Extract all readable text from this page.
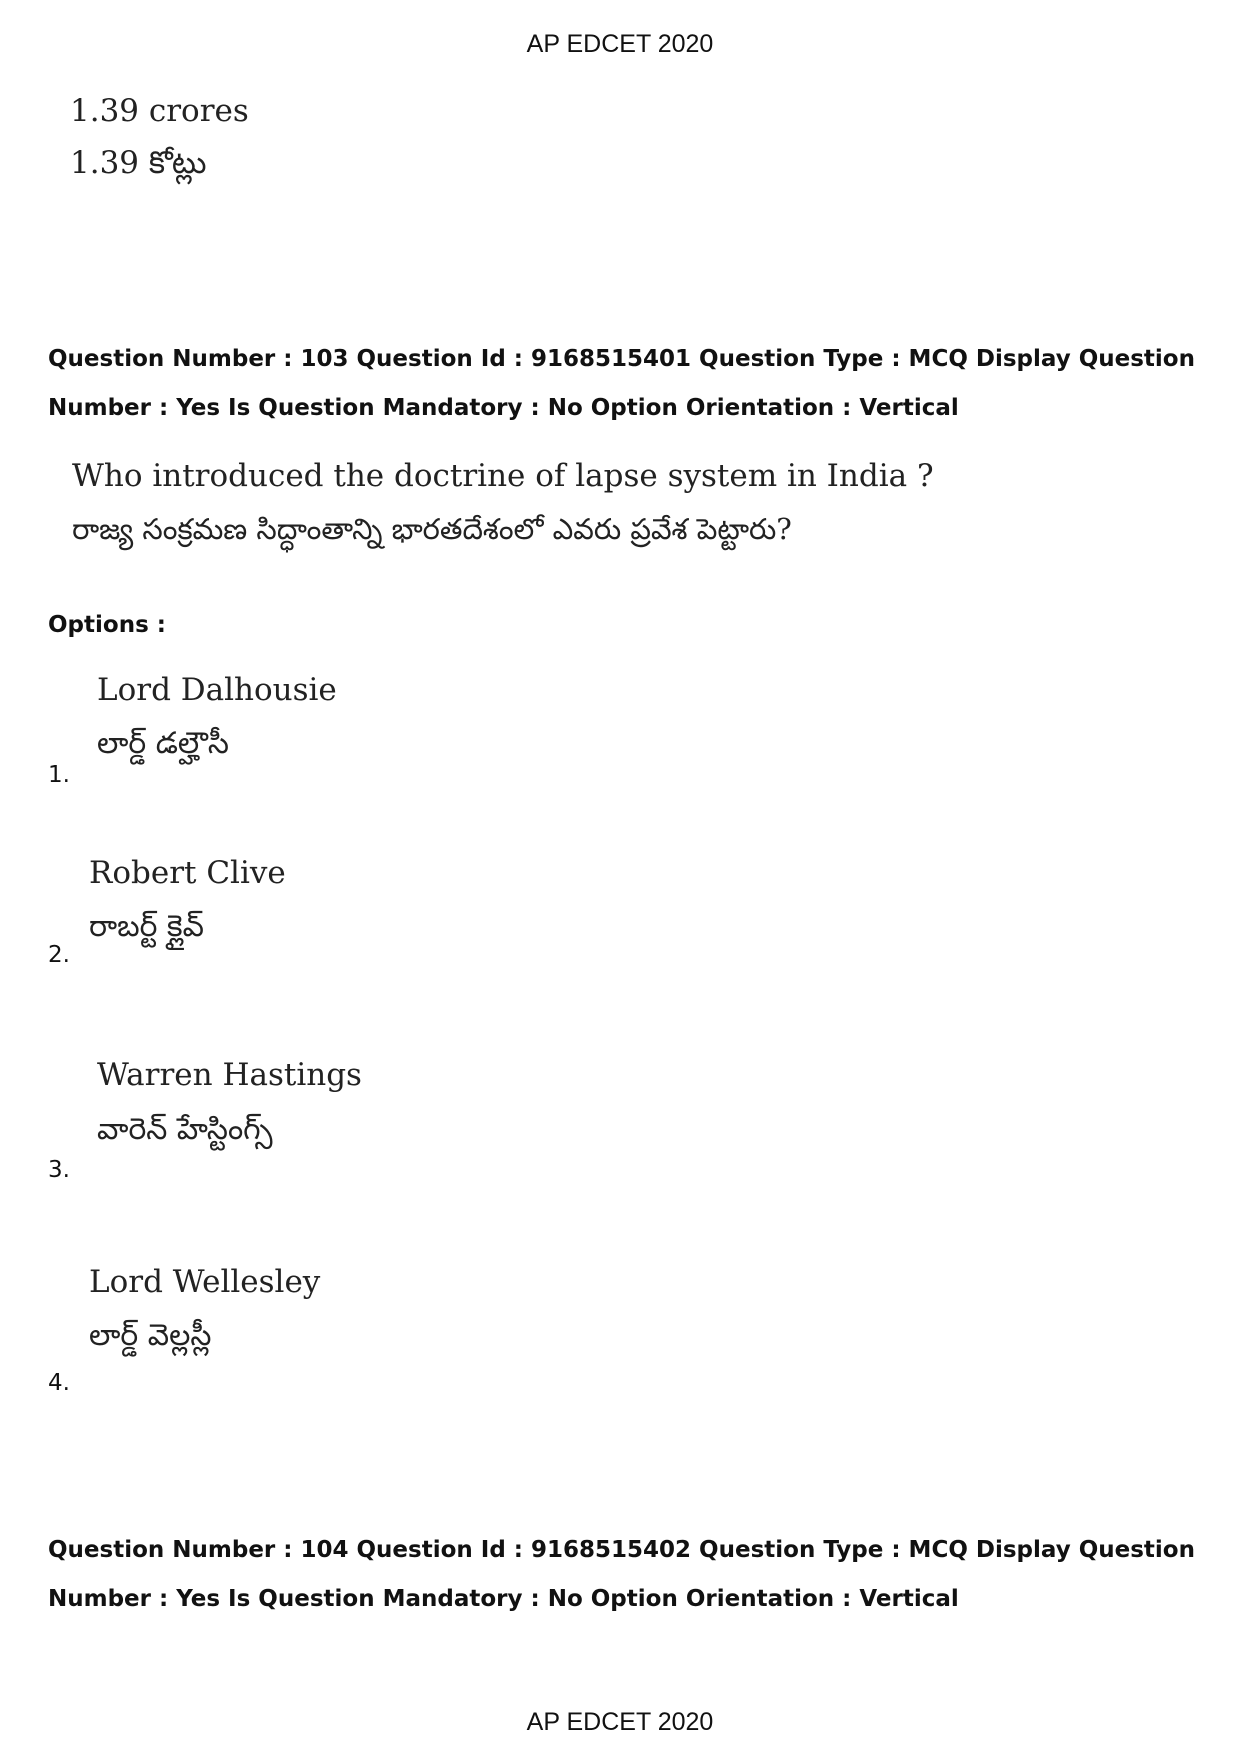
AP EDCET 2020
1.39 crores
1.39 కోట్లు
Question Number : 103 Question Id : 9168515401 Question Type : MCQ Display Question
Number : Yes Is Question Mandatory : No Option Orientation : Vertical
Who introduced the doctrine of lapse system in India ?
రాజ్య సంక్రమణ సిద్ధాంతాన్ని భారతదేశంలో ఎవరు ప్రవేశ పెట్టారు?
Options :
Lord Dalhousie
లార్డ్ డల్హౌసీ
1.
Robert Clive
రాబర్ట్ క్లైవ్
2.
Warren Hastings
వారెన్ హేస్టింగ్స్
3.
Lord Wellesley
లార్డ్ వెల్లస్లీ
4.
Question Number : 104 Question Id : 9168515402 Question Type : MCQ Display Question
Number : Yes Is Question Mandatory : No Option Orientation : Vertical
AP EDCET 2020
